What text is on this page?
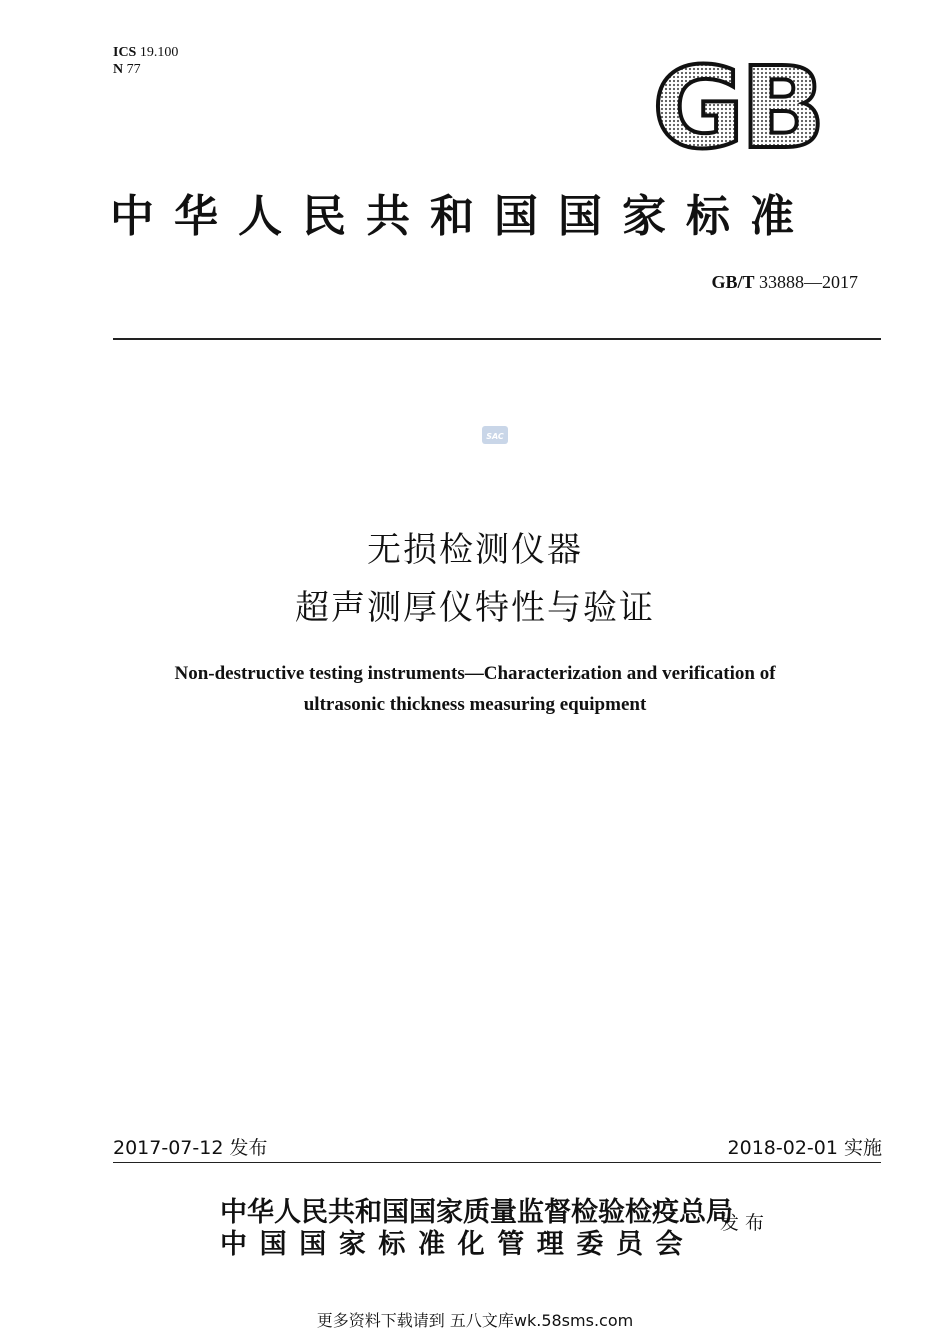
ICS 19.100
N 77	GB
中华人民共和国国家标准
GB/T 33888—2017
SAC
无损检测仪器
超声测厚仪特性与验证
Non-destructive testing instruments—Characterization and verification of
ultrasonic thickness measuring equipment
2017-07-12 发布	2018-02-01 实施
中华人民共和国国家质量监督检验检疫总局
中国国家标准化管理委员会
发布
更多资料下载请到 五八文库wk.58sms.com
